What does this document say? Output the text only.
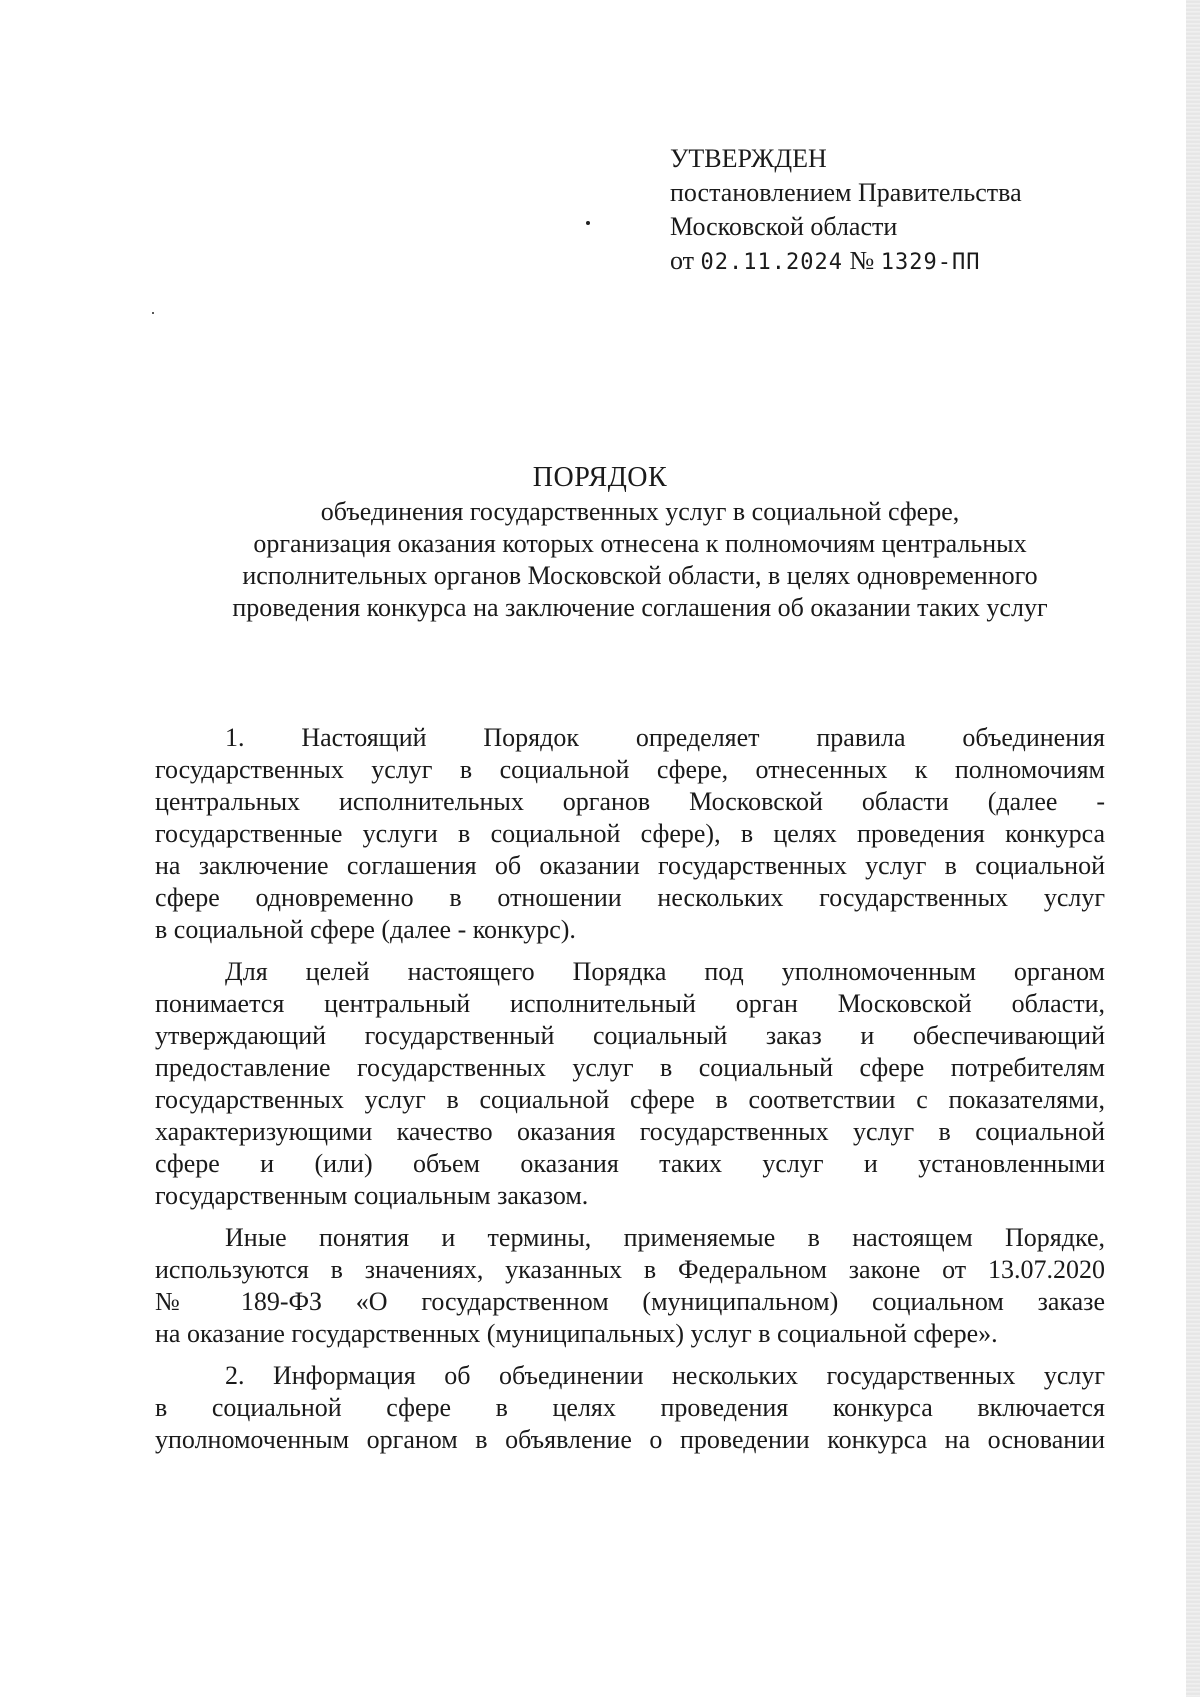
УТВЕРЖДЕН
постановлением Правительства
Московской области
от 02.11.2024 № 1329-ПП
ПОРЯДОК
объединения государственных услуг в социальной сфере,
организация оказания которых отнесена к полномочиям центральных
исполнительных органов Московской области, в целях одновременного
проведения конкурса на заключение соглашения об оказании таких услуг
1. Настоящий Порядок определяет правила объединения
государственных услуг в социальной сфере, отнесенных к полномочиям
центральных исполнительных органов Московской области (далее -
государственные услуги в социальной сфере), в целях проведения конкурса
на заключение соглашения об оказании государственных услуг в социальной
сфере одновременно в отношении нескольких государственных услуг
в социальной сфере (далее - конкурс).
Для целей настоящего Порядка под уполномоченным органом
понимается центральный исполнительный орган Московской области,
утверждающий государственный социальный заказ и обеспечивающий
предоставление государственных услуг в социальный сфере потребителям
государственных услуг в социальной сфере в соответствии с показателями,
характеризующими качество оказания государственных услуг в социальной
сфере и (или) объем оказания таких услуг и установленными
государственным социальным заказом.
Иные понятия и термины, применяемые в настоящем Порядке,
используются в значениях, указанных в Федеральном законе от 13.07.2020
№ 189-ФЗ «О государственном (муниципальном) социальном заказе
на оказание государственных (муниципальных) услуг в социальной сфере».
2. Информация об объединении нескольких государственных услуг
в социальной сфере в целях проведения конкурса включается
уполномоченным органом в объявление о проведении конкурса на основании
